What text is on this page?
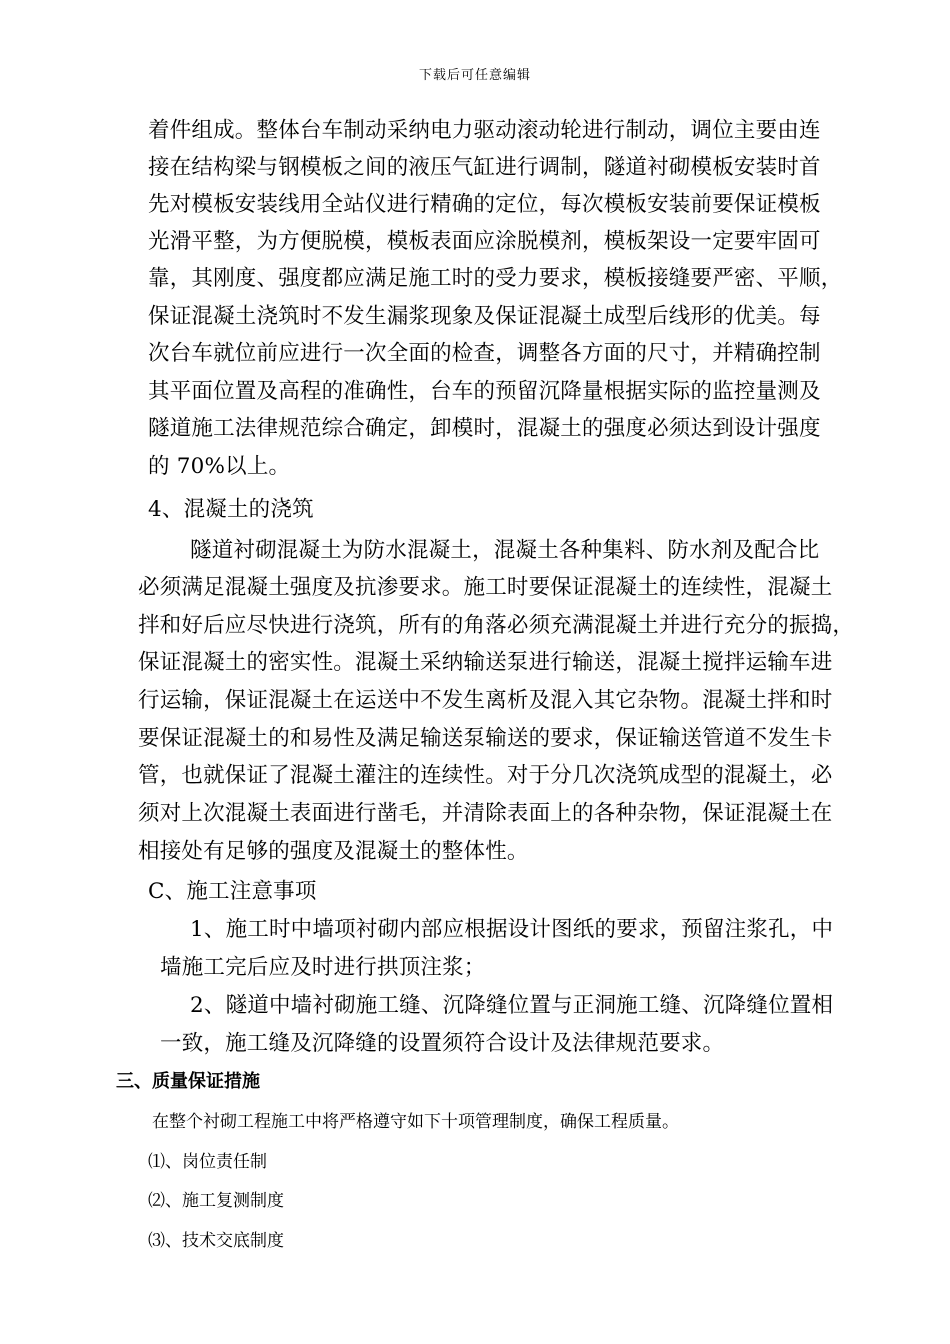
下载后可任意编辑
着件组成。整体台车制动采纳电力驱动滚动轮进行制动，调位主要由连
接在结构梁与钢模板之间的液压气缸进行调制，隧道衬砌模板安装时首
先对模板安装线用全站仪进行精确的定位，每次模板安装前要保证模板
光滑平整，为方便脱模，模板表面应涂脱模剂，模板架设一定要牢固可
靠，其刚度、强度都应满足施工时的受力要求，模板接缝要严密、平顺，
保证混凝土浇筑时不发生漏浆现象及保证混凝土成型后线形的优美。每
次台车就位前应进行一次全面的检查，调整各方面的尺寸，并精确控制
其平面位置及高程的准确性，台车的预留沉降量根据实际的监控量测及
隧道施工法律规范综合确定，卸模时，混凝土的强度必须达到设计强度
的 70%以上。
4、混凝土的浇筑
隧道衬砌混凝土为防水混凝土，混凝土各种集料、防水剂及配合比
必须满足混凝土强度及抗渗要求。施工时要保证混凝土的连续性，混凝土
拌和好后应尽快进行浇筑，所有的角落必须充满混凝土并进行充分的振捣，
保证混凝土的密实性。混凝土采纳输送泵进行输送，混凝土搅拌运输车进
行运输，保证混凝土在运送中不发生离析及混入其它杂物。混凝土拌和时
要保证混凝土的和易性及满足输送泵输送的要求，保证输送管道不发生卡
管，也就保证了混凝土灌注的连续性。对于分几次浇筑成型的混凝土，必
须对上次混凝土表面进行凿毛，并清除表面上的各种杂物，保证混凝土在
相接处有足够的强度及混凝土的整体性。
C、施工注意事项
1、施工时中墙项衬砌内部应根据设计图纸的要求，预留注浆孔，中
墙施工完后应及时进行拱顶注浆；
2、隧道中墙衬砌施工缝、沉降缝位置与正洞施工缝、沉降缝位置相
一致，施工缝及沉降缝的设置须符合设计及法律规范要求。
三、质量保证措施
在整个衬砌工程施工中将严格遵守如下十项管理制度，确保工程质量。
⑴、岗位责任制
⑵、施工复测制度
⑶、技术交底制度
